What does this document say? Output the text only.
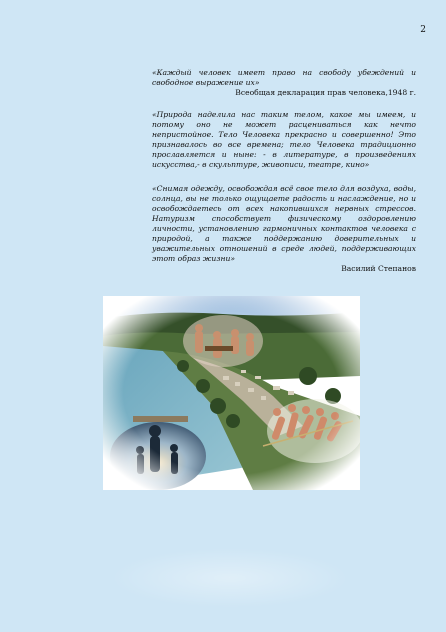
2
«Каждый человек имеет право на свободу убеждений и свободное выражение их»
Всеобщая декларация прав человека,1948 г.
«Природа наделила нас таким телом, какое мы имеем, и потому оно не может расцениваться как нечто непристойное. Тело Человека прекрасно и совершенно! Это признавалось во все времена; тело Человека традиционно прославляется и ныне: - в литературе, в произведениях искусства,- в скульптуре, живописи, театре, кино»
«Снимая одежду, освобождая всё свое тело для воздуха, воды, солнца, вы не только ощущаете радость и наслаждение, но и освобождаетесь от всех накопившихся нервных стрессов. Натуризм способствует физическому оздоровлению личности, установлению гармоничных контактов человека с природой, а также поддержанию доверительных и уважительных отношений в среде людей, поддерживающих этот образ жизни»
Василий Степанов
